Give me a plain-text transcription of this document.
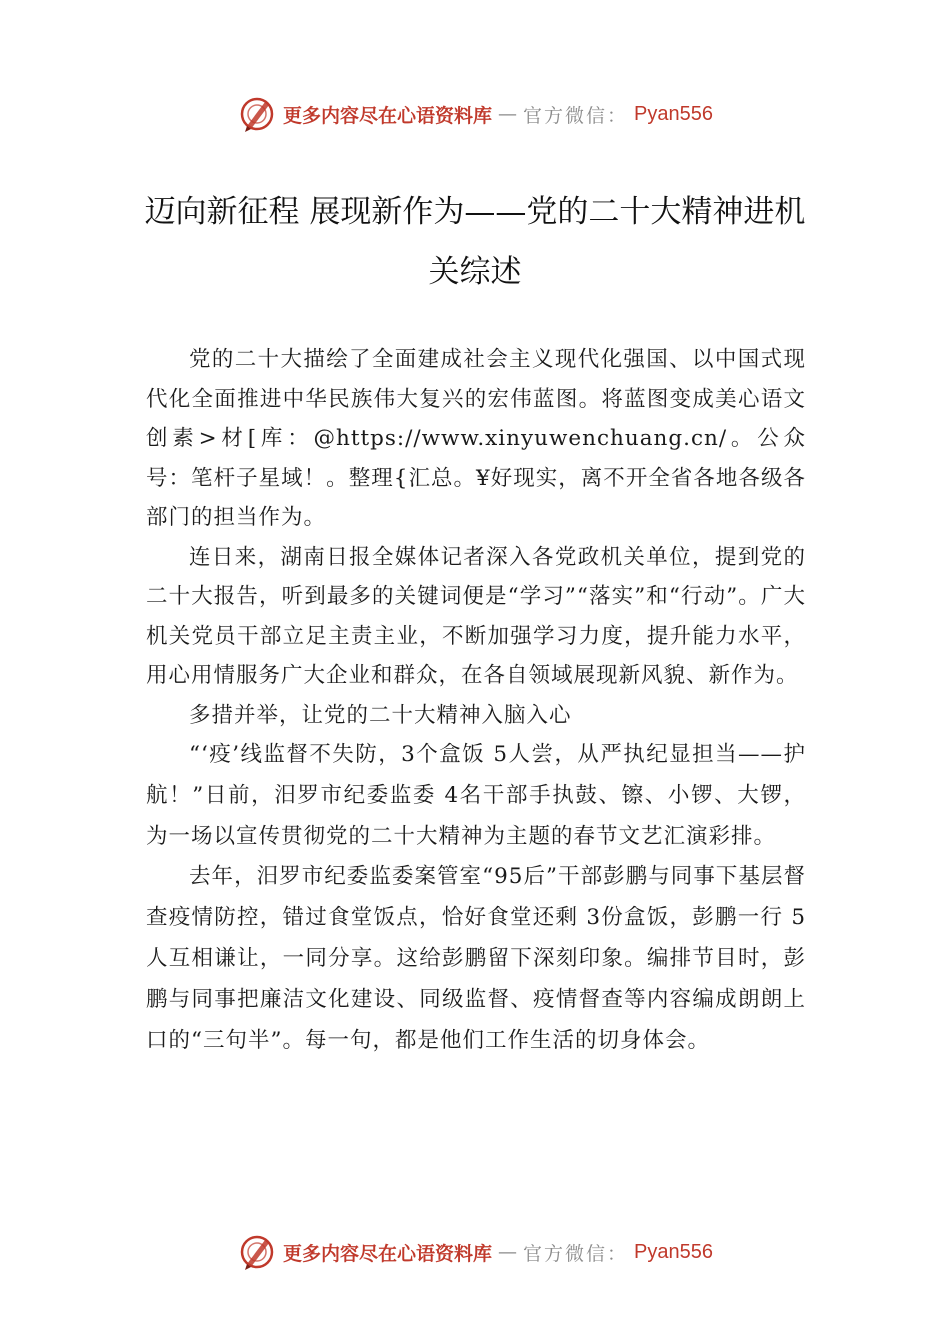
更多内容尽在心语资料库 — 官方微信： Pyan556
迈向新征程 展现新作为——党的二十大精神进机关综述

党的二十大描绘了全面建成社会主义现代化强国、以中国式现代化全面推进中华民族伟大复兴的宏伟蓝图。将蓝图变成美心语文创素>材[库：@https://www.xinyuwenchuang.cn/。公众号：笔杆子星域！。整理{汇总。¥好现实，离不开全省各地各级各部门的担当作为。

连日来，湖南日报全媒体记者深入各党政机关单位，提到党的二十大报告，听到最多的关键词便是“学习”“落实”和“行动”。广大机关党员干部立足主责主业，不断加强学习力度，提升能力水平，用心用情服务广大企业和群众，在各自领域展现新风貌、新作为。

多措并举，让党的二十大精神入脑入心

“‘疫’线监督不失防，3个盒饭 5人尝，从严执纪显担当——护航！”日前，汨罗市纪委监委 4名干部手执鼓、镲、小锣、大锣，为一场以宣传贯彻党的二十大精神为主题的春节文艺汇演彩排。

去年，汨罗市纪委监委案管室“95后”干部彭鹏与同事下基层督查疫情防控，错过食堂饭点，恰好食堂还剩 3份盒饭，彭鹏一行 5人互相谦让，一同分享。这给彭鹏留下深刻印象。编排节目时，彭鹏与同事把廉洁文化建设、同级监督、疫情督查等内容编成朗朗上口的“三句半”。每一句，都是他们工作生活的切身体会。

更多内容尽在心语资料库 — 官方微信： Pyan556
